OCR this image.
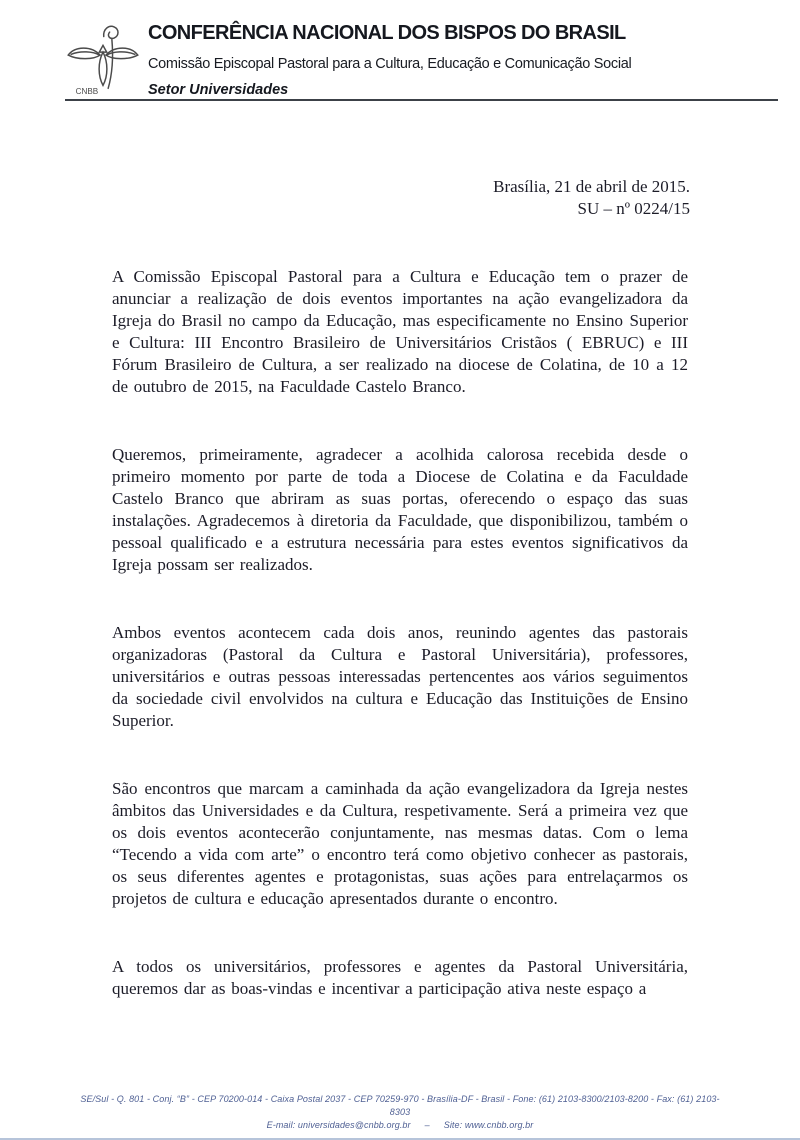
CNBB
CONFERÊNCIA NACIONAL DOS BISPOS DO BRASIL
Comissão Episcopal Pastoral para a Cultura, Educação e Comunicação Social
Setor Universidades
Brasília, 21 de abril de 2015.
SU – nº 0224/15

A Comissão Episcopal Pastoral para a Cultura e Educação tem o prazer de anunciar a realização de dois eventos importantes na ação evangelizadora da Igreja do Brasil no campo da Educação, mas especificamente no Ensino Superior e Cultura: III Encontro Brasileiro de Universitários Cristãos ( EBRUC) e III Fórum Brasileiro de Cultura, a ser realizado na diocese de Colatina, de 10 a 12 de outubro de 2015, na Faculdade Castelo Branco.

Queremos, primeiramente, agradecer a acolhida calorosa recebida desde o primeiro momento por parte de toda a Diocese de Colatina e da Faculdade Castelo Branco que abriram as suas portas, oferecendo o espaço das suas instalações. Agradecemos à diretoria da Faculdade, que disponibilizou, também o pessoal qualificado e a estrutura necessária para estes eventos significativos da Igreja possam ser realizados.

Ambos eventos acontecem cada dois anos, reunindo agentes das pastorais organizadoras (Pastoral da Cultura e Pastoral Universitária), professores, universitários e outras pessoas interessadas pertencentes aos vários seguimentos da sociedade civil envolvidos na cultura e Educação das Instituições de Ensino Superior.

São encontros que marcam a caminhada da ação evangelizadora da Igreja nestes âmbitos das Universidades e da Cultura, respetivamente. Será a primeira vez que os dois eventos acontecerão conjuntamente, nas mesmas datas. Com o lema “Tecendo a vida com arte” o encontro terá como objetivo conhecer as pastorais, os seus diferentes agentes e protagonistas, suas ações para entrelaçarmos os projetos de cultura e educação apresentados durante o encontro.

A todos os universitários, professores e agentes da Pastoral Universitária, queremos dar as boas-vindas e incentivar a participação ativa neste espaço a

SE/Sul - Q. 801 - Conj. “B” - CEP 70200-014 - Caixa Postal 2037 - CEP 70259-970 - Brasília-DF - Brasil - Fone: (61) 2103-8300/2103-8200 - Fax: (61) 2103-
8303
E-mail: universidades@cnbb.org.br – Site: www.cnbb.org.br
